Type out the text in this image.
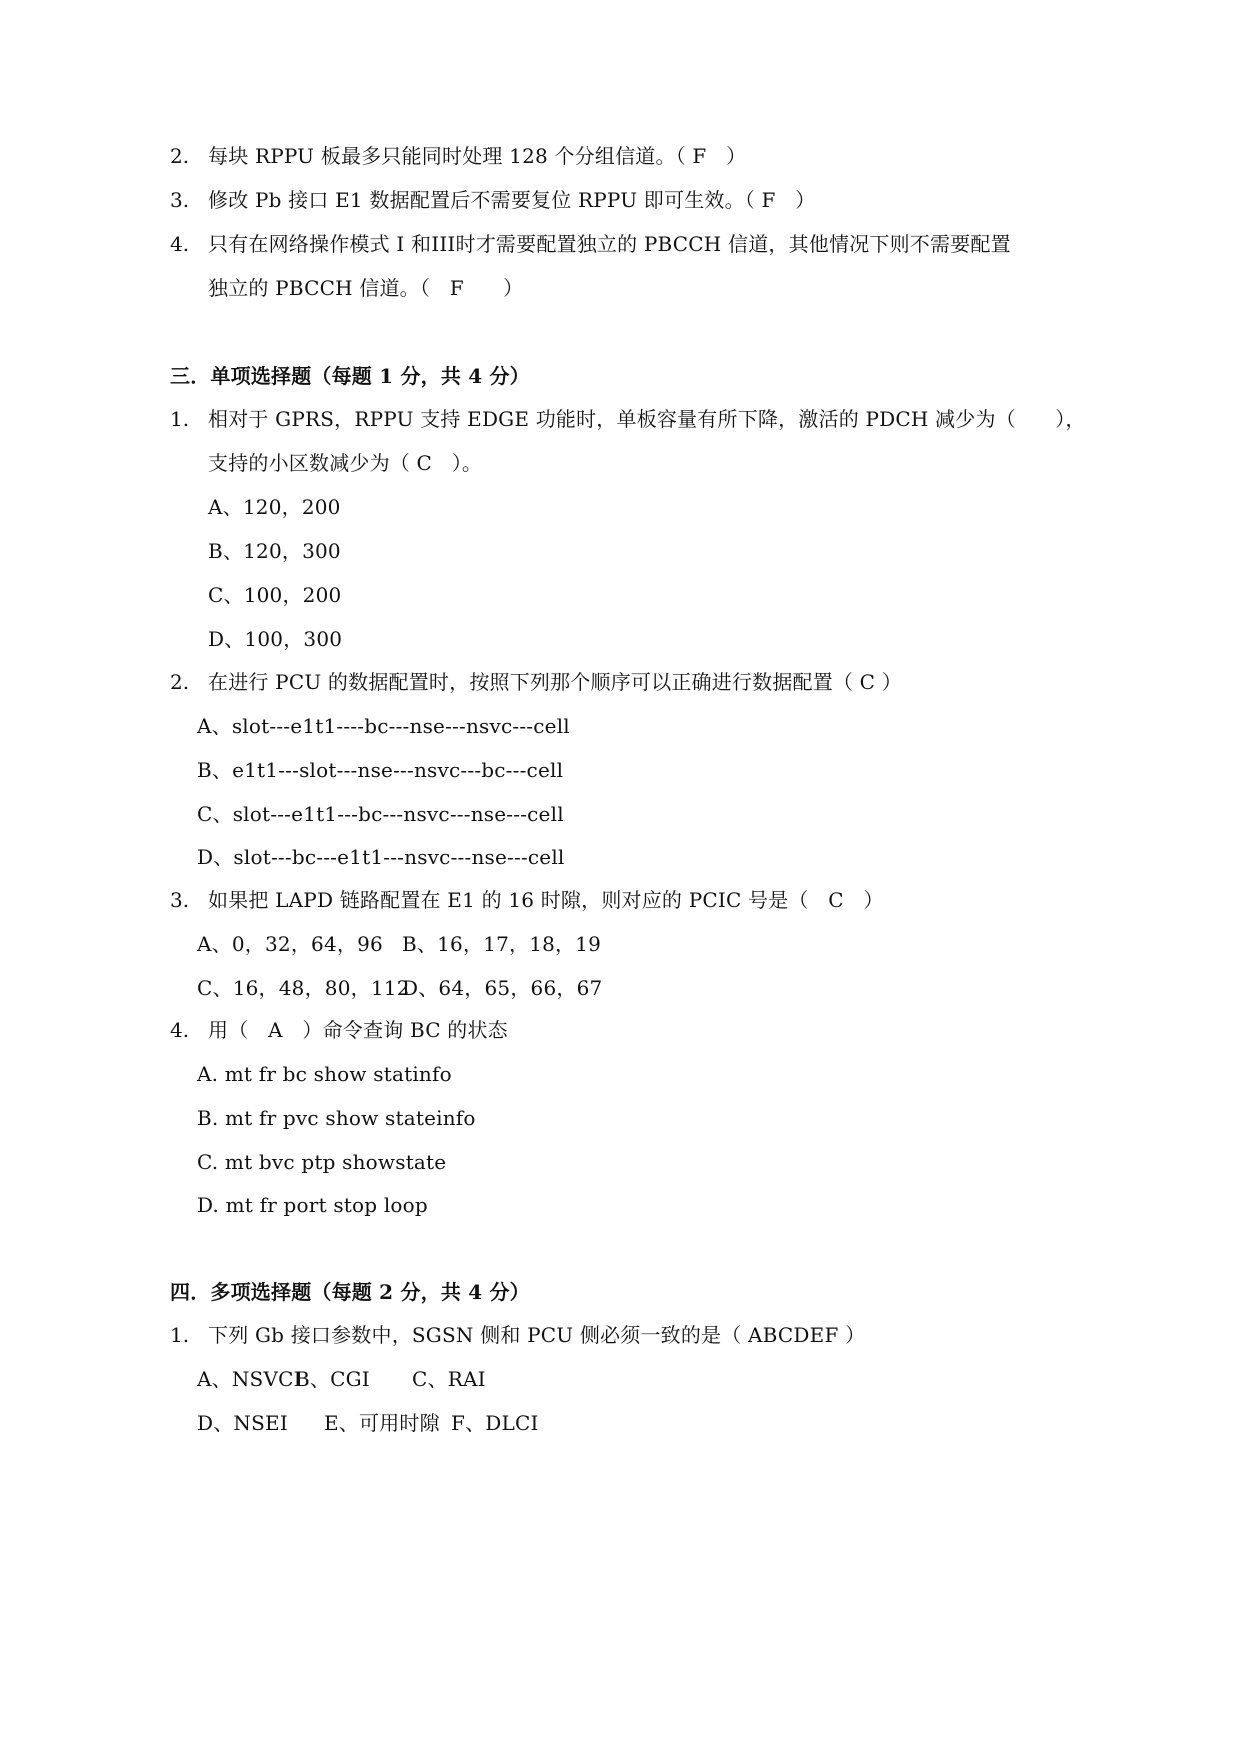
2. 每块 RPPU 板最多只能同时处理 128 个分组信道。（ F   ）
3. 修改 Pb 接口 E1 数据配置后不需要复位 RPPU 即可生效。（ F   ）
4. 只有在网络操作模式 I 和III时才需要配置独立的 PBCCH 信道，其他情况下则不需要配置
独立的 PBCCH 信道。（   F      ）
三．单项选择题（每题 1 分，共 4 分）
1. 相对于 GPRS，RPPU 支持 EDGE 功能时，单板容量有所下降，激活的 PDCH 减少为（      ），
支持的小区数减少为（ C   ）。
A、120，200
B、120，300
C、100，200
D、100，300
2. 在进行 PCU 的数据配置时，按照下列那个顺序可以正确进行数据配置（ C ）
A、slot---e1t1----bc---nse---nsvc---cell
B、e1t1---slot---nse---nsvc---bc---cell
C、slot---e1t1---bc---nsvc---nse---cell
D、slot---bc---e1t1---nsvc---nse---cell
3. 如果把 LAPD 链路配置在 E1 的 16 时隙，则对应的 PCIC 号是（   C   ）
A、0，32，64，96 B、16，17，18，19
C、16，48，80，112
D、64，65，66，67
4. 用（   A   ）命令查询 BC 的状态
A. mt fr bc show statinfo
B. mt fr pvc show stateinfo
C. mt bvc ptp showstate
D. mt fr port stop loop
四．多项选择题（每题 2 分，共 4 分）
1. 下列 Gb 接口参数中，SGSN 侧和 PCU 侧必须一致的是（ ABCDEF ）
A、NSVCI
B、CGI C、RAI
D、NSEI E、可用时隙 F、DLCI
